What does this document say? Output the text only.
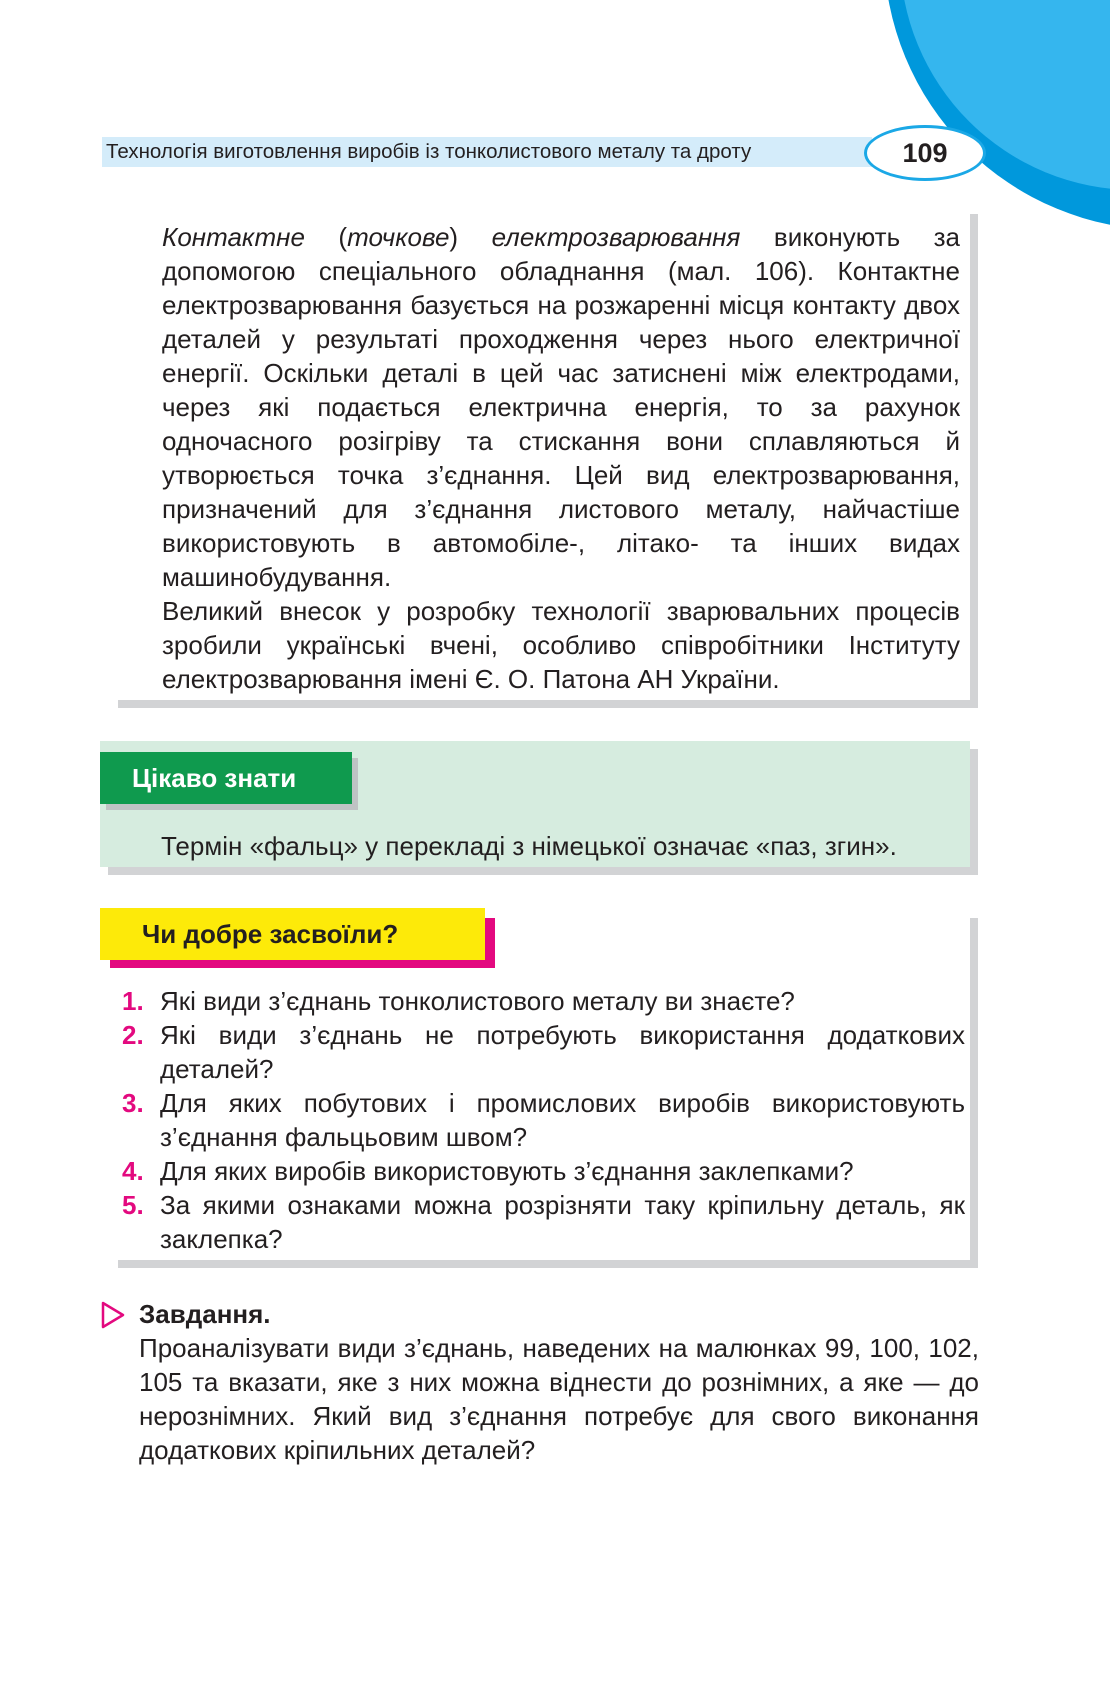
Технологія виготовлення виробів із тонколистового металу та дроту	109

Контактне (точкове) електрозварювання виконують за допомогою спеціального обладнання (мал. 106). Контактне електрозварювання базується на розжаренні місця контакту двох деталей у результаті проходження через нього електричної енергії. Оскільки деталі в цей час затиснені між електродами, через які подається електрична енергія, то за рахунок одночасного розігріву та стискання вони сплавляються й утворюється точка з’єднання. Цей вид електрозварювання, призначений для з’єднання листового металу, найчастіше використовують в автомобіле-, літако- та інших видах машинобудування.

Великий внесок у розробку технології зварювальних процесів зробили українські вчені, особливо співробітники Інституту електрозварювання імені Є. О. Патона АН України.

Цікаво знати
Термін «фальц» у перекладі з німецької означає «паз, згин».
Чи добре засвоїли?
1. Які види з’єднань тонколистового металу ви знаєте?
2. Які види з’єднань не потребують використання додаткових деталей?
3. Для яких побутових і промислових виробів використовують з’єднання фальцьовим швом?
4. Для яких виробів використовують з’єднання заклепками?
5. За якими ознаками можна розрізняти таку кріпильну деталь, як заклепка?
Завдання.

Проаналізувати види з’єднань, наведених на малюнках 99, 100, 102, 105 та вказати, яке з них можна віднести до рознімних, а яке — до нерознімних. Який вид з’єднання потребує для свого виконання додаткових кріпильних деталей?
